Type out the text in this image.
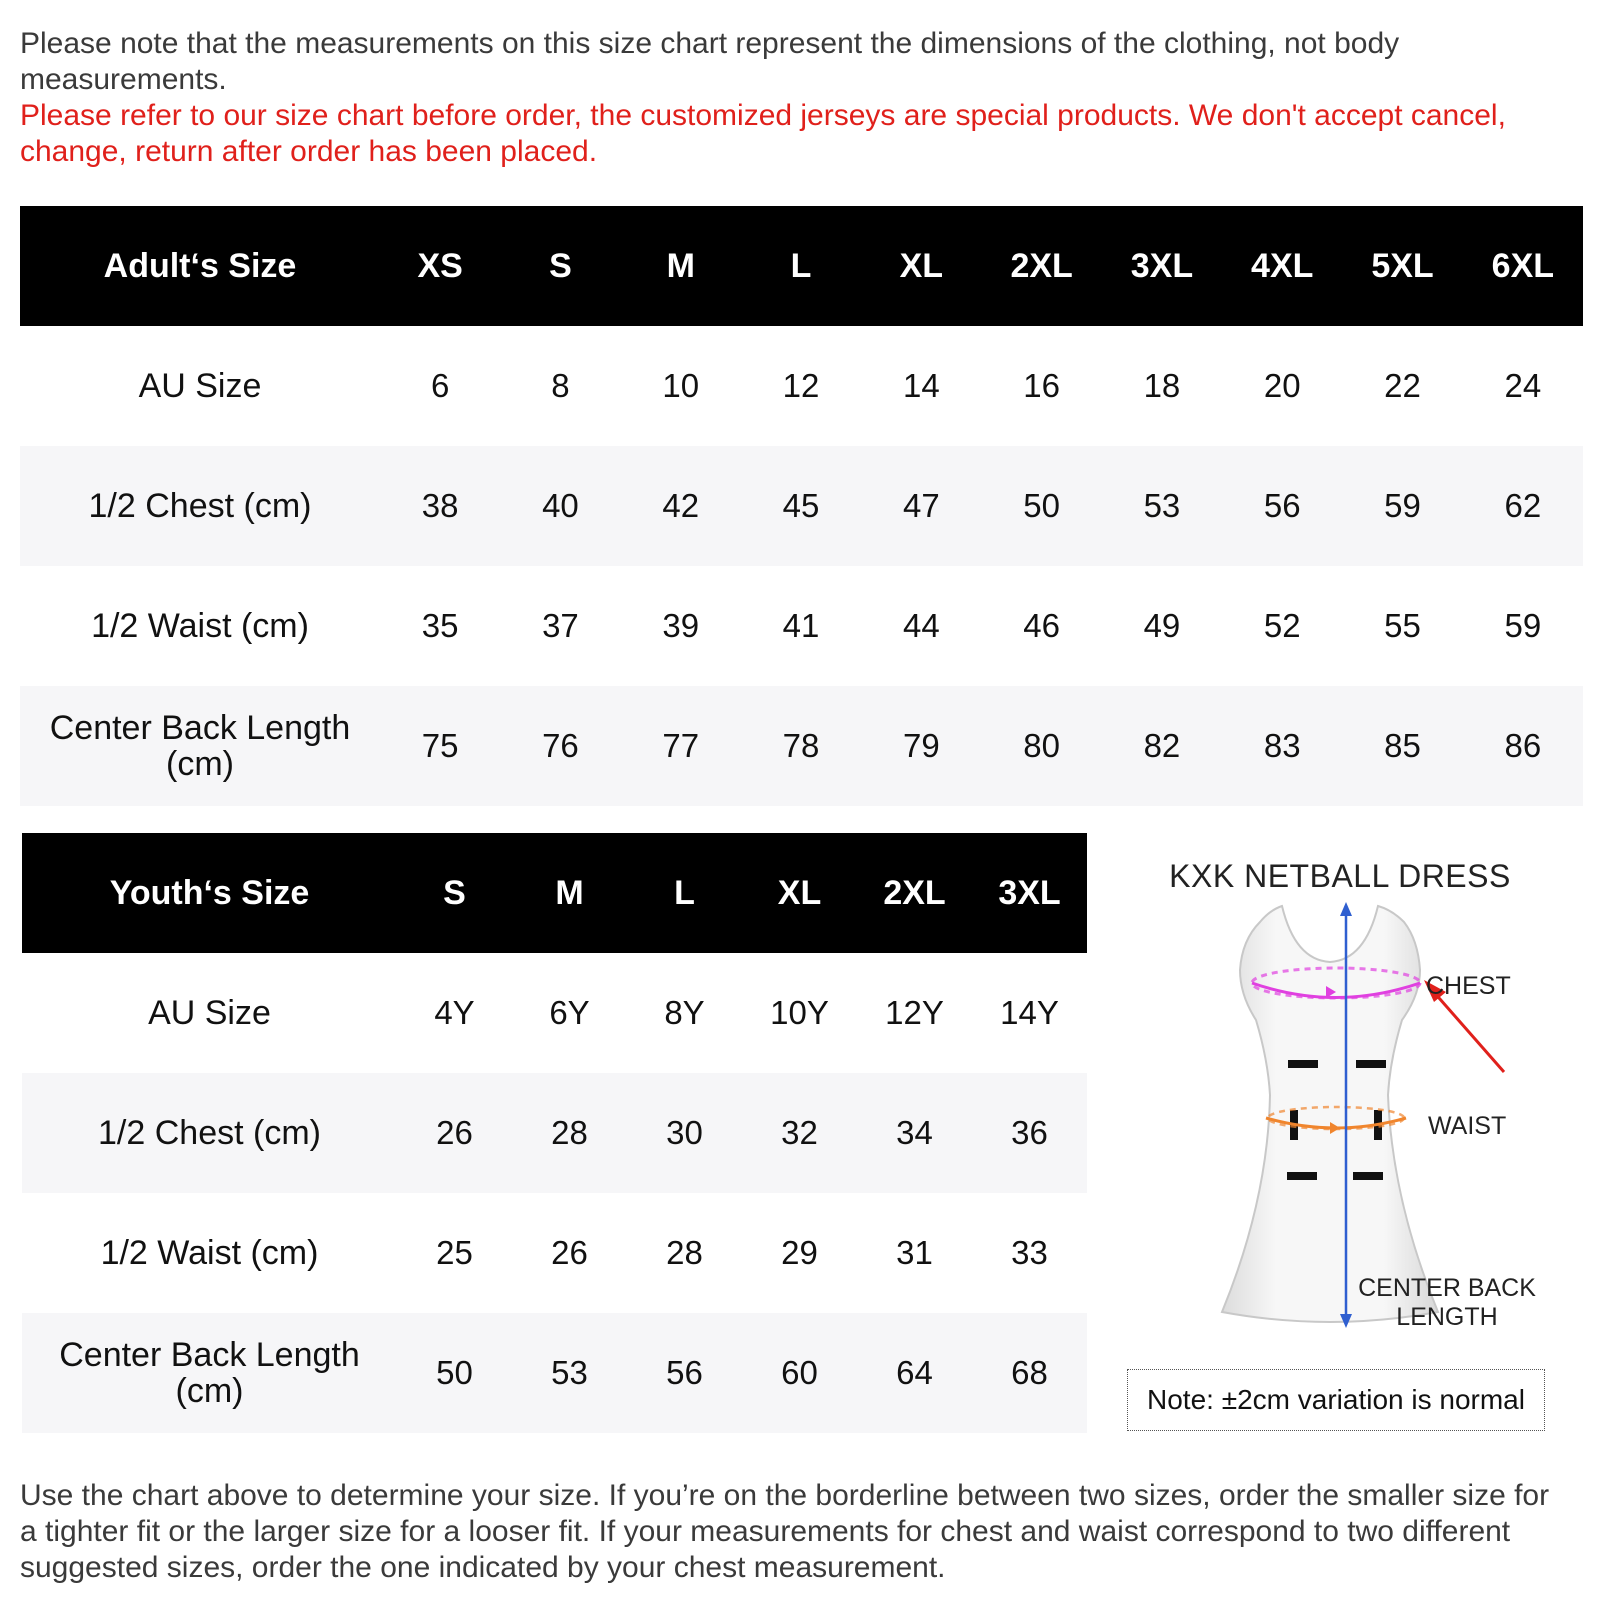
Please note that the measurements on this size chart represent the dimensions of the clothing, not body measurements.
Please refer to our size chart before order, the customized jerseys are special products. We don't accept cancel, change, return after order has been placed.
Adult‘s Size	XS	S	M	L	XL	2XL	3XL	4XL	5XL	6XL
AU Size	6	8	10	12	14	16	18	20	22	24
1/2 Chest (cm)	38	40	42	45	47	50	53	56	59	62
1/2 Waist (cm)	35	37	39	41	44	46	49	52	55	59
Center Back Length (cm)	75	76	77	78	79	80	82	83	85	86
Youth‘s Size	S	M	L	XL	2XL	3XL
AU Size	4Y	6Y	8Y	10Y	12Y	14Y
1/2 Chest (cm)	26	28	30	32	34	36
1/2 Waist (cm)	25	26	28	29	31	33
Center Back Length (cm)	50	53	56	60	64	68
KXK NETBALL DRESS
CHEST
WAIST
CENTER BACK LENGTH
Note: ±2cm variation is normal
Use the chart above to determine your size. If you’re on the borderline between two sizes, order the smaller size for a tighter fit or the larger size for a looser fit. If your measurements for chest and waist correspond to two different suggested sizes, order the one indicated by your chest measurement.
